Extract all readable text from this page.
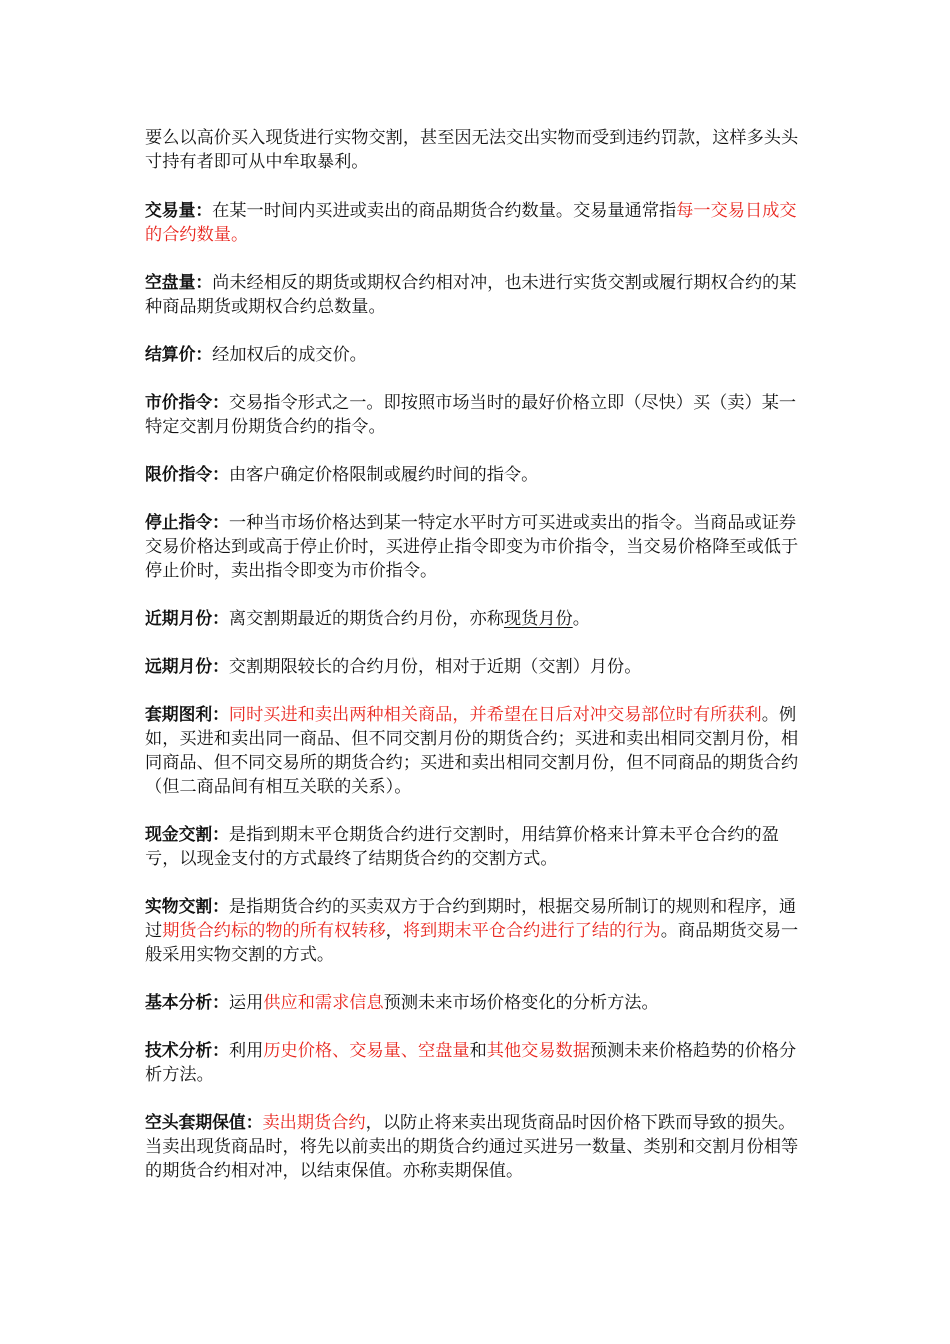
要么以高价买入现货进行实物交割，甚至因无法交出实物而受到违约罚款，这样多头头寸持有者即可从中牟取暴利。

交易量：在某一时间内买进或卖出的商品期货合约数量。交易量通常指每一交易日成交的合约数量。

空盘量：尚未经相反的期货或期权合约相对冲，也未进行实货交割或履行期权合约的某种商品期货或期权合约总数量。

结算价：经加权后的成交价。

市价指令：交易指令形式之一。即按照市场当时的最好价格立即（尽快）买（卖）某一特定交割月份期货合约的指令。

限价指令：由客户确定价格限制或履约时间的指令。

停止指令：一种当市场价格达到某一特定水平时方可买进或卖出的指令。当商品或证券交易价格达到或高于停止价时，买进停止指令即变为市价指令，当交易价格降至或低于停止价时，卖出指令即变为市价指令。

近期月份：离交割期最近的期货合约月份，亦称现货月份。

远期月份：交割期限较长的合约月份，相对于近期（交割）月份。

套期图利：同时买进和卖出两种相关商品，并希望在日后对冲交易部位时有所获利。例如，买进和卖出同一商品、但不同交割月份的期货合约；买进和卖出相同交割月份，相同商品、但不同交易所的期货合约；买进和卖出相同交割月份，但不同商品的期货合约（但二商品间有相互关联的关系）。

现金交割：是指到期末平仓期货合约进行交割时，用结算价格来计算未平仓合约的盈亏，以现金支付的方式最终了结期货合约的交割方式。

实物交割：是指期货合约的买卖双方于合约到期时，根据交易所制订的规则和程序，通过期货合约标的物的所有权转移，将到期末平仓合约进行了结的行为。商品期货交易一般采用实物交割的方式。

基本分析：运用供应和需求信息预测未来市场价格变化的分析方法。

技术分析：利用历史价格、交易量、空盘量和其他交易数据预测未来价格趋势的价格分析方法。

空头套期保值：卖出期货合约，以防止将来卖出现货商品时因价格下跌而导致的损失。当卖出现货商品时，将先以前卖出的期货合约通过买进另一数量、类别和交割月份相等的期货合约相对冲，以结束保值。亦称卖期保值。
